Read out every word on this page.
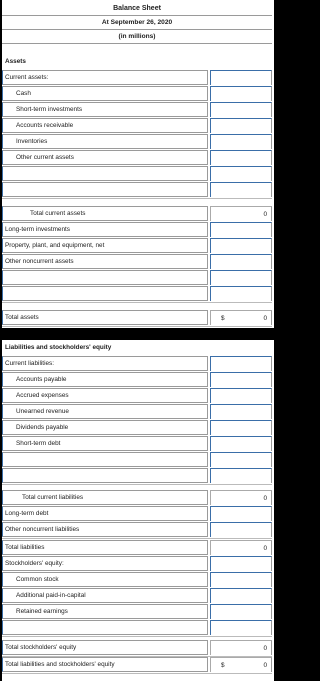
Balance Sheet
At September 26, 2020
(in millions)
Assets
Current assets:
Cash
Short-term investments
Accounts receivable
Inventories
Other current assets
Total current assets	0
Long-term investments
Property, plant, and equipment, net
Other noncurrent assets
Total assets	$	0
Liabilities and stockholders' equity
Current liabilities:
Accounts payable
Accrued expenses
Unearned revenue
Dividends payable
Short-term debt
Total current liabilities	0
Long-term debt
Other noncurrent liabilities
Total liabilities	0
Stockholders' equity:
Common stock
Additional paid-in-capital
Retained earnings
Total stockholders' equity	0
Total liabilities and stockholders' equity	$	0
